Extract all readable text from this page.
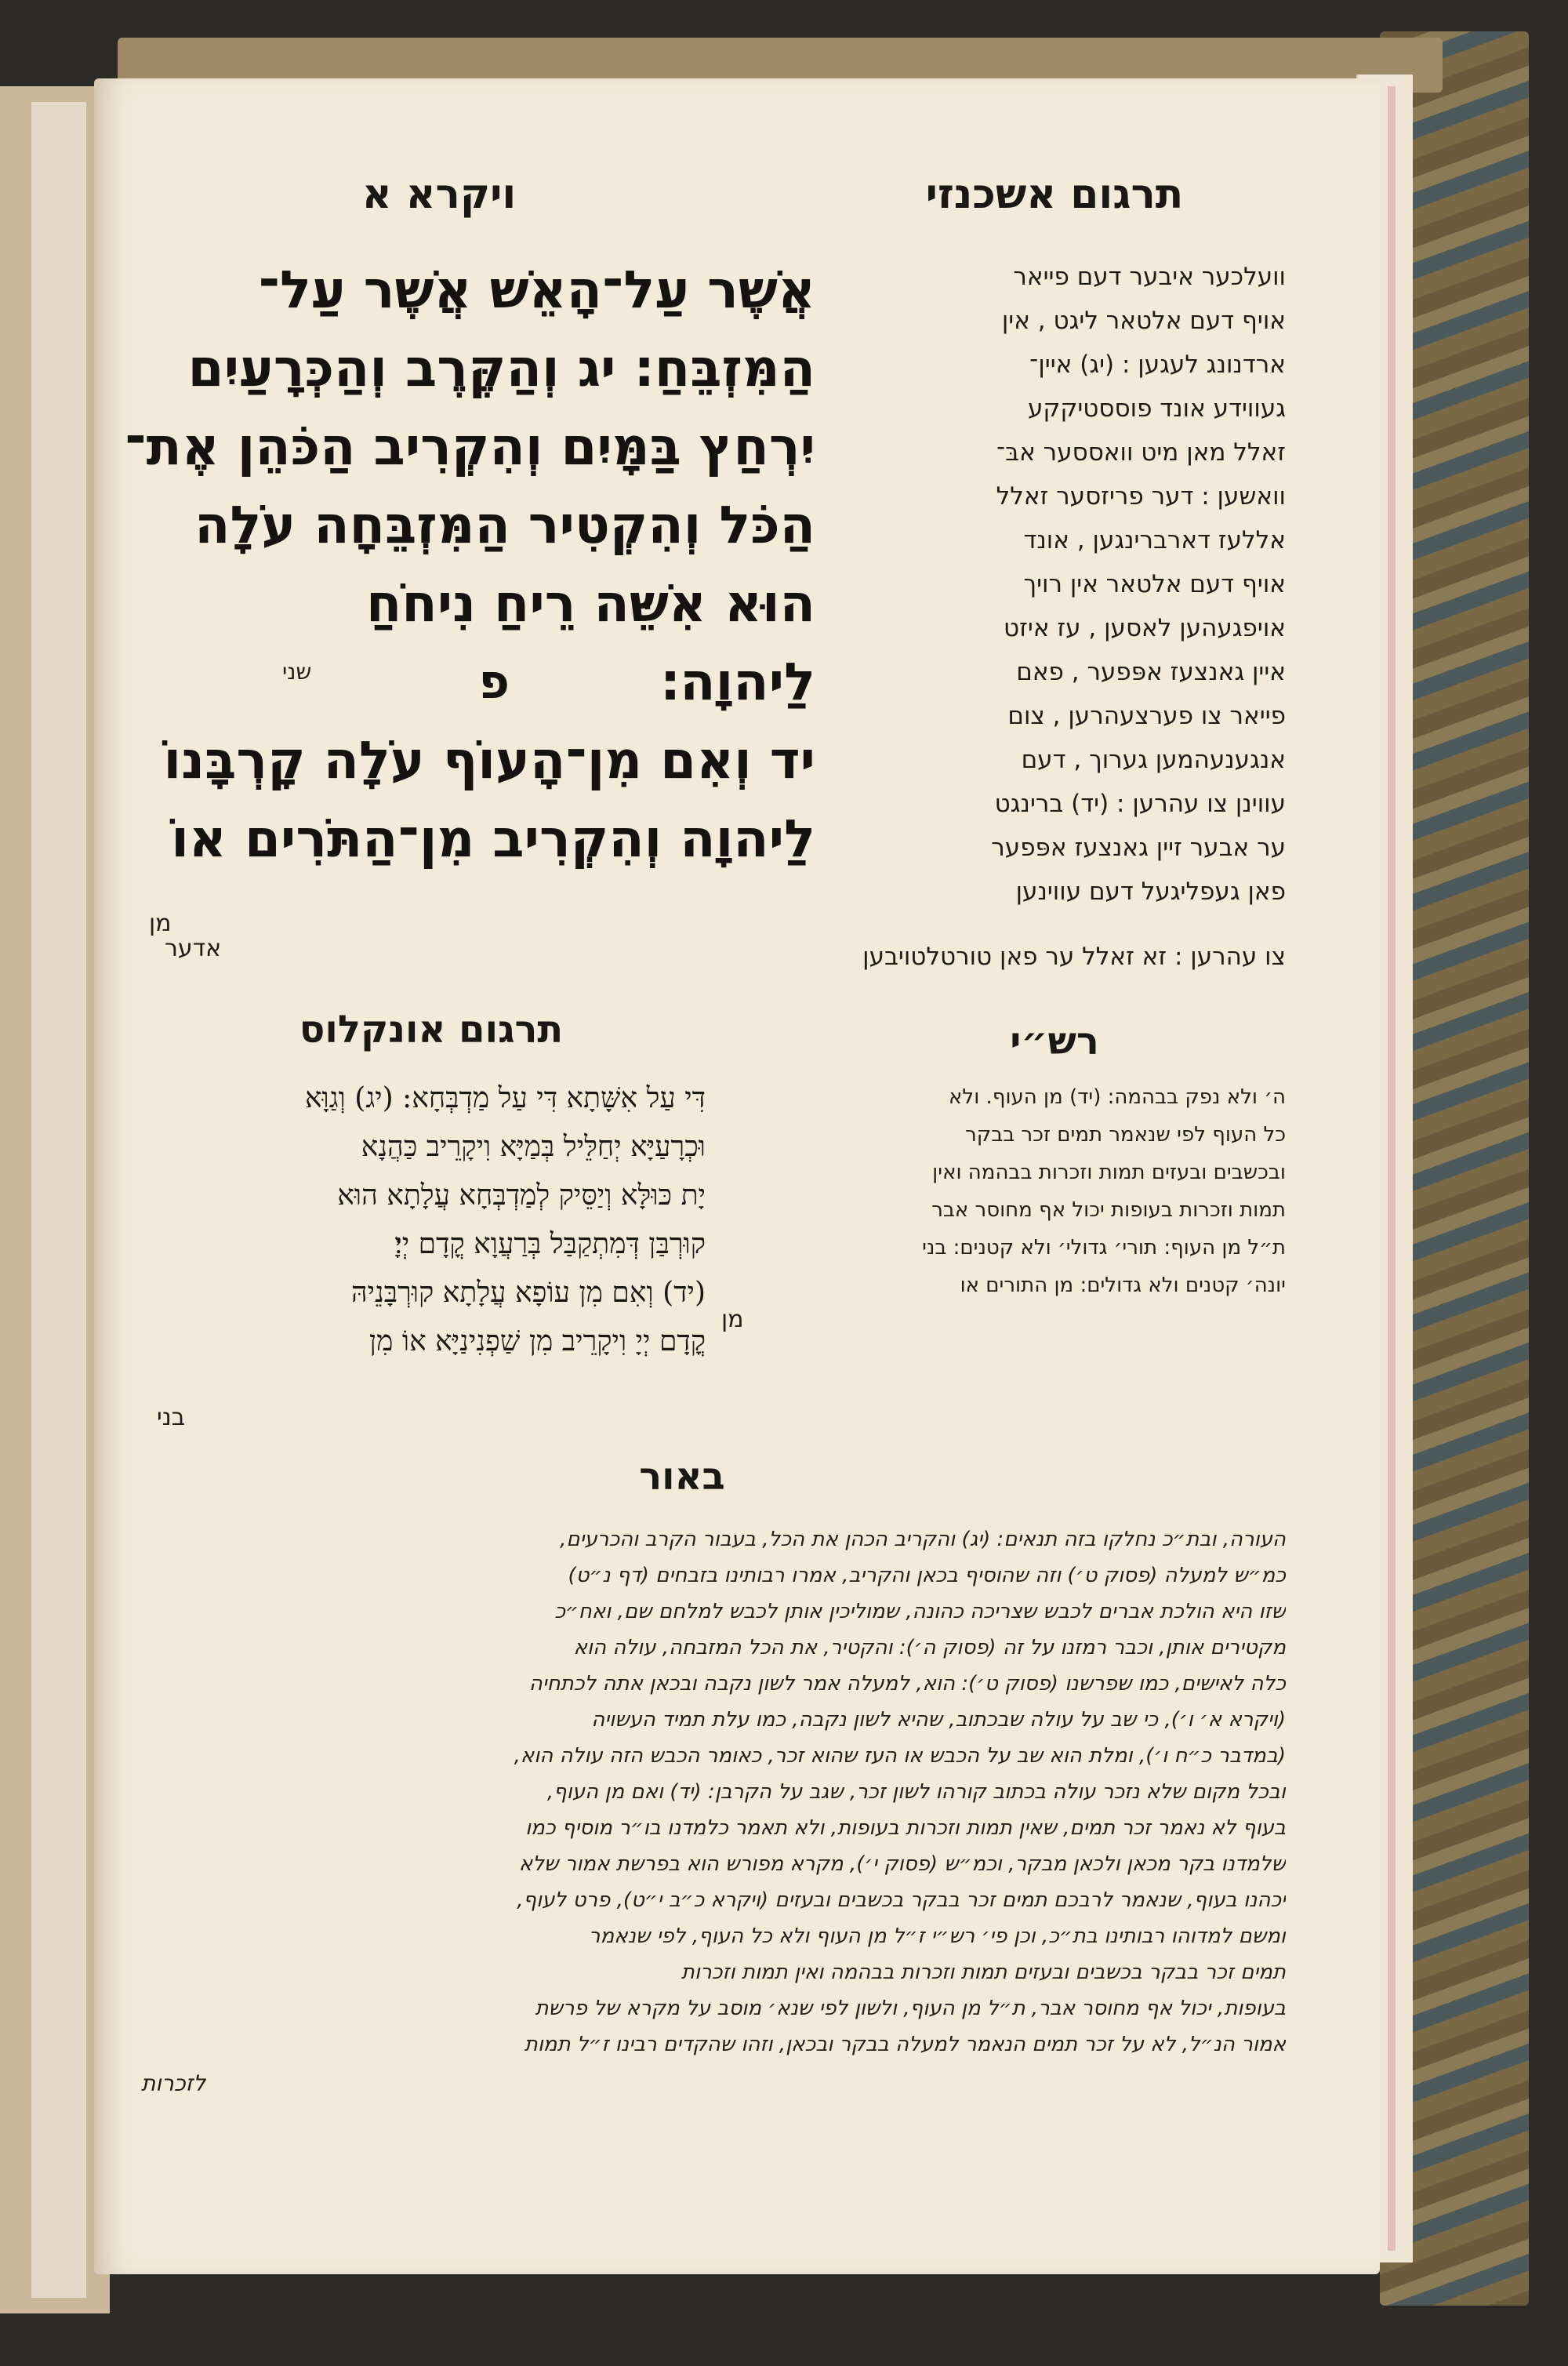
תרגום אשכנזי
ויקרא א
וועלכער איבער דעם פייאר
אויף דעם אלטאר ליגט , אין
ארדנונג לעגען : (יג) איין־
געווידע אונד פוססטיקקע
זאלל מאן מיט וואססער אבּ־
וואשען : דער פריזסער זאלל
אללעז דארברינגען , אונד
אויף דעם אלטאר אין רויך
אויפגעהען לאסען , עז איזט
איין גאנצעז אפּפער , פאם
פייאר צו פערצעהרען , צום
אנגענעהמען גערוך , דעם
עווינן צו עהרען : (יד) ברינגט
ער אבער זיין גאנצעז אפּפער
פאן געפליגעל דעם עווינען
צו עהרען : זא זאלל ער פאן טורטלטויבען
אדער
אֲשֶׁר עַל־הָאֵשׁ אֲשֶׁר עַל־
הַמִּזְבֵּחַ: יג וְהַקֶּרֶב וְהַכְּרָעַיִם
יִרְחַץ בַּמָּיִם וְהִקְרִיב הַכֹּהֵן אֶת־
הַכֹּל וְהִקְטִיר הַמִּזְבֵּחָה עֹלָה
הוּא אִשֵּׁה רֵיחַ נִיחֹחַ
לַיהוָה׃
פ
שני
יד וְאִם מִן־הָעוֹף עֹלָה קָרְבָּנוֹ
לַיהוָה וְהִקְרִיב מִן־הַתֹּרִים אוֹ
מן
רש״י
תרגום אונקלוס
ה׳ ולא נפק בבהמה: (יד) מן העוף. ולא
כל העוף לפי שנאמר תמים זכר בבקר
ובכשבים ובעזים תמות וזכרות בבהמה ואין
תמות וזכרות בעופות יכול אף מחוסר אבר
ת״ל מן העוף: תורי׳ גדולי׳ ולא קטנים: בני
יונה׳ קטנים ולא גדולים: מן התורים או
מן
דִּי עַל אִשָּׁתָא דִּי עַל מַדְבְּחָא: (יג) וְגַוָּא
וּכְרָעַיָּא יְחַלֵּיל בְּמַיָּא וִיקָרֵיב כַּהֲנָא
יָת כּוּלָּא וְיַסֵּיק לְמַדְבְּחָא עֲלָתָא הוּא
קוּרְבַּן דְּמִתְקַבַּל בְּרַעֲוָא קֳדָם יְיָ׃
(יד) וְאִם מִן עוֹפָא עֲלָתָא קוּרְבָּנֵיהּ
קֳדָם יְיָ וִיקָרֵיב מִן שַׁפְנִינַיָּא אוֹ מִן
בני
באור
העורה, ובת״כ נחלקו בזה תנאים: (יג) והקריב הכהן את הכל, בעבור הקרב והכרעים,
כמ״ש למעלה (פסוק ט׳) וזה שהוסיף בכאן והקריב, אמרו רבותינו בזבחים (דף נ״ט)
שזו היא הולכת אברים לכבש שצריכה כהונה, שמוליכין אותן לכבש למלחם שם, ואח״כ
מקטירים אותן, וכבר רמזנו על זה (פסוק ה׳): והקטיר, את הכל המזבחה, עולה הוא
כלה לאישים, כמו שפרשנו (פסוק ט׳): הוא, למעלה אמר לשון נקבה ובכאן אתה לכתחיה
(ויקרא א׳ ו׳), כי שב על עולה שבכתוב, שהיא לשון נקבה, כמו עלת תמיד העשויה
(במדבר כ״ח ו׳), ומלת הוא שב על הכבש או העז שהוא זכר, כאומר הכבש הזה עולה הוא,
ובכל מקום שלא נזכר עולה בכתוב קורהו לשון זכר, שגב על הקרבן: (יד) ואם מן העוף,
בעוף לא נאמר זכר תמים, שאין תמות וזכרות בעופות, ולא תאמר כלמדנו בו״ר מוסיף כמו
שלמדנו בקר מכאן ולכאן מבקר, וכמ״ש (פסוק י׳), מקרא מפורש הוא בפרשת אמור שלא
יכהנו בעוף, שנאמר לרבכם תמים זכר בבקר בכשבים ובעזים (ויקרא כ״ב י״ט), פרט לעוף,
ומשם למדוהו רבותינו בת״כ, וכן פי׳ רש״י ז״ל מן העוף ולא כל העוף, לפי שנאמר
תמים זכר בבקר בכשבים ובעזים תמות וזכרות בבהמה ואין תמות וזכרות
בעופות, יכול אף מחוסר אבר, ת״ל מן העוף, ולשון לפי שנא׳ מוסב על מקרא של פרשת
אמור הנ״ל, לא על זכר תמים הנאמר למעלה בבקר ובכאן, וזהו שהקדים רבינו ז״ל תמות
לזכרות
